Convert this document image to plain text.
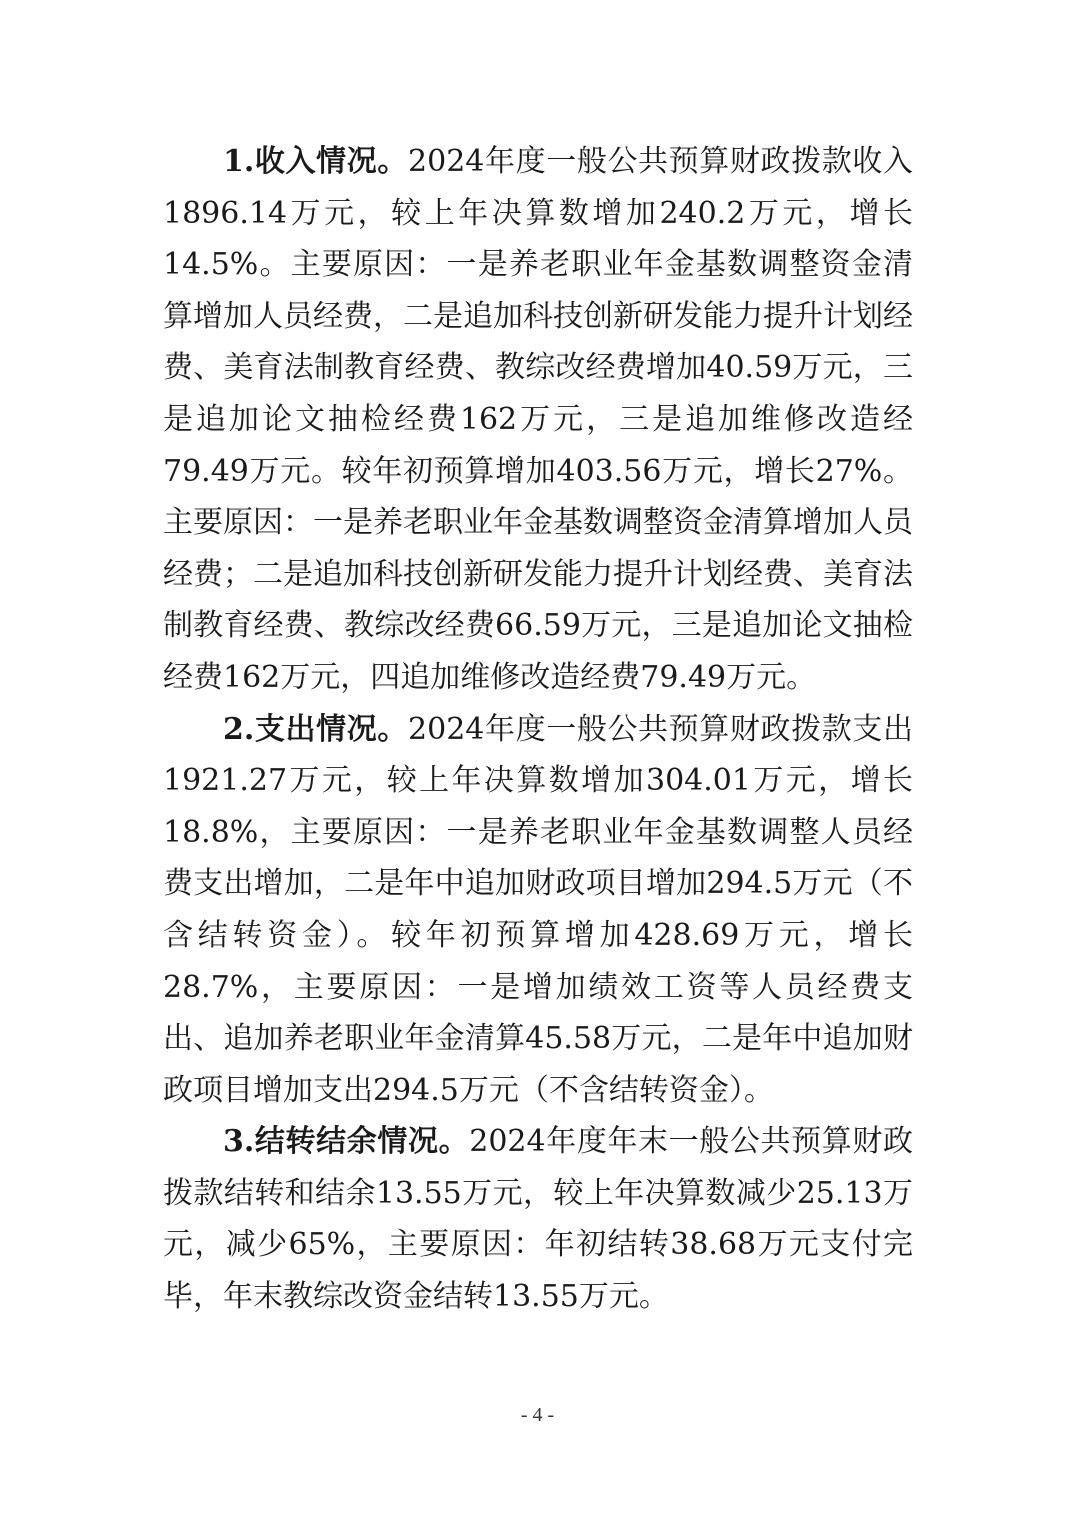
1.收入情况。2024年度一般公共预算财政拨款收入1896.14万元，较上年决算数增加240.2万元，增长14.5%。主要原因：一是养老职业年金基数调整资金清算增加人员经费，二是追加科技创新研发能力提升计划经费、美育法制教育经费、教综改经费增加40.59万元，三是追加论文抽检经费162万元，三是追加维修改造经79.49万元。较年初预算增加403.56万元，增长27%。主要原因：一是养老职业年金基数调整资金清算增加人员经费；二是追加科技创新研发能力提升计划经费、美育法制教育经费、教综改经费66.59万元，三是追加论文抽检经费162万元，四追加维修改造经费79.49万元。

2.支出情况。2024年度一般公共预算财政拨款支出1921.27万元，较上年决算数增加304.01万元，增长18.8%，主要原因：一是养老职业年金基数调整人员经费支出增加，二是年中追加财政项目增加294.5万元（不含结转资金）。较年初预算增加428.69万元，增长28.7%，主要原因：一是增加绩效工资等人员经费支出、追加养老职业年金清算45.58万元，二是年中追加财政项目增加支出294.5万元（不含结转资金）。

3.结转结余情况。2024年度年末一般公共预算财政拨款结转和结余13.55万元，较上年决算数减少25.13万元，减少65%，主要原因：年初结转38.68万元支付完毕，年末教综改资金结转13.55万元。

- 4 -
